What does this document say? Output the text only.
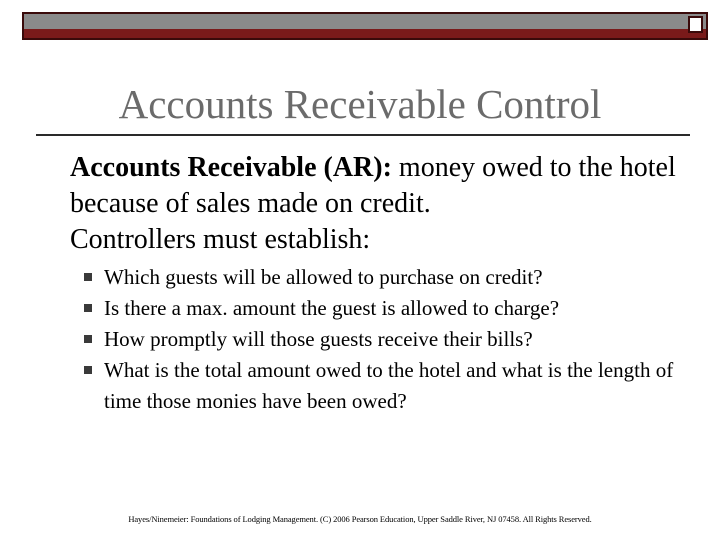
Accounts Receivable Control
Accounts Receivable (AR): money owed to the hotel because of sales made on credit.
Controllers must establish:
Which guests will be allowed to purchase on credit?
Is there a max. amount the guest is allowed to charge?
How promptly will those guests receive their bills?
What is the total amount owed to the hotel and what is the length of time those monies have been owed?
Hayes/Ninemeier: Foundations of Lodging Management. (C) 2006 Pearson Education, Upper Saddle River, NJ 07458. All Rights Reserved.
